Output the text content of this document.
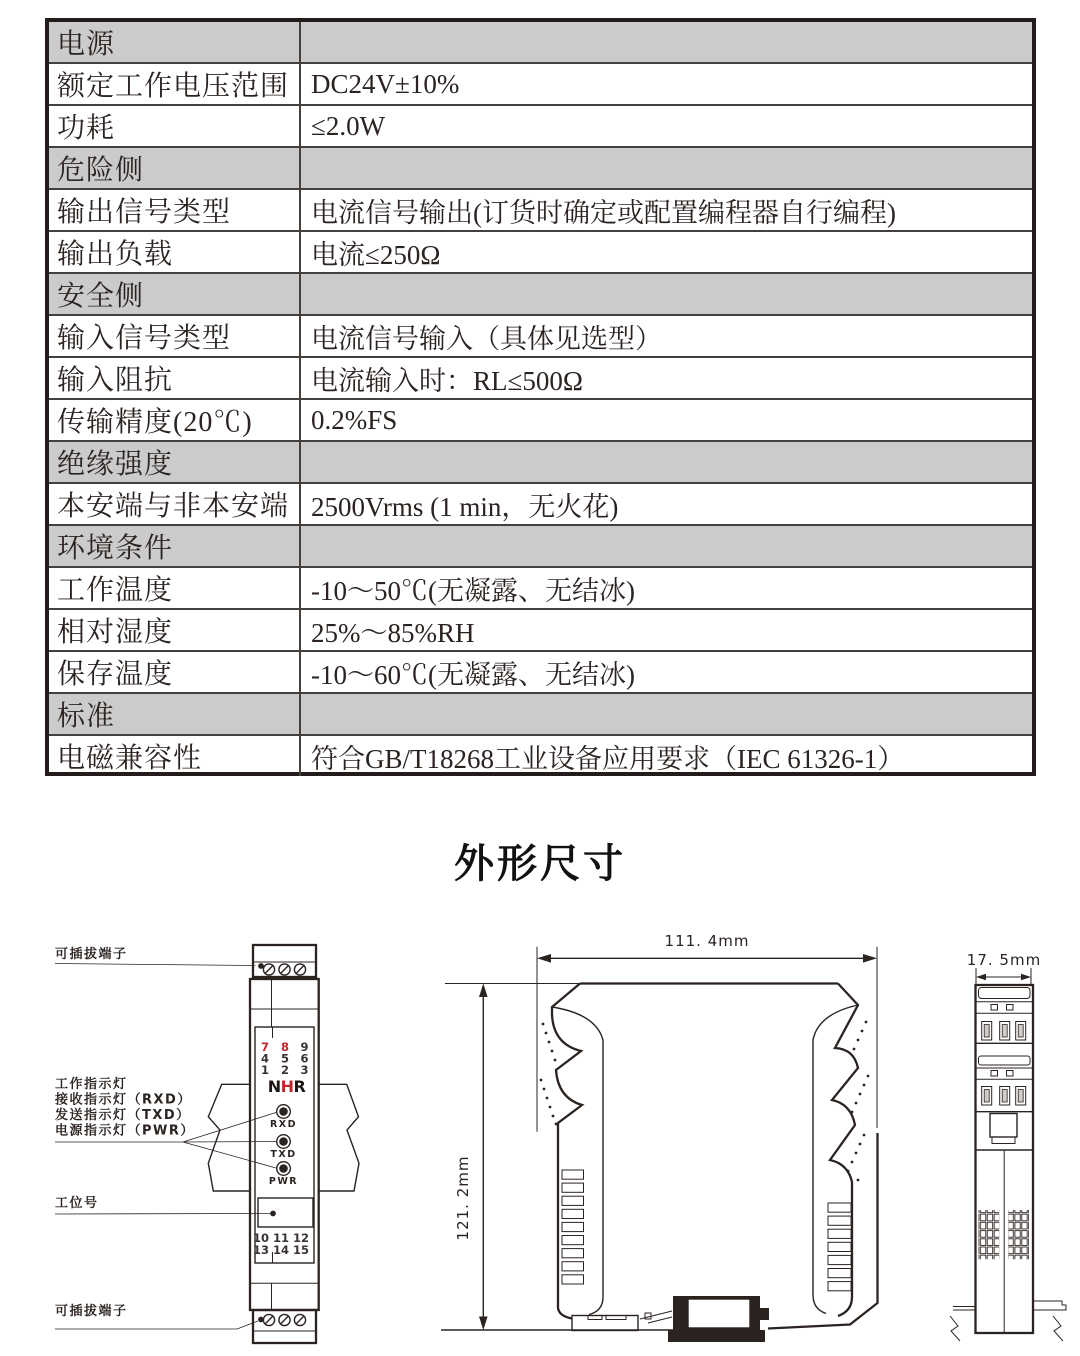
电源
额定工作电压范围 DC24V±10%
功耗	≤2.0W
危险侧
输出信号类型	电流信号输出(订货时确定或配置编程器自行编程)
输出负载	电流≤250Ω
安全侧
输入信号类型	电流信号输入（具体见选型）
输入阻抗	电流输入时：RL≤500Ω
传输精度(20℃)	0.2%FS
绝缘强度
本安端与非本安端 2500Vrms (1 min，无火花)
环境条件
工作温度	-10～50℃(无凝露、无结冰)
相对湿度	25%～85%RH
保存温度	-10～60℃(无凝露、无结冰)
标准
电磁兼容性	符合GB/T18268工业设备应用要求（IEC 61326-1）
外形尺寸
7 8 9
4 5 6
1 2 3
NHR
RXD
TXD
PWR
10 11 12
13 14 15
可插拔端子
工作指示灯
接收指示灯（RXD）
发送指示灯（TXD）
电源指示灯（PWR）
工位号
可插拔端子
111. 4mm
121. 2mm
17. 5mm
